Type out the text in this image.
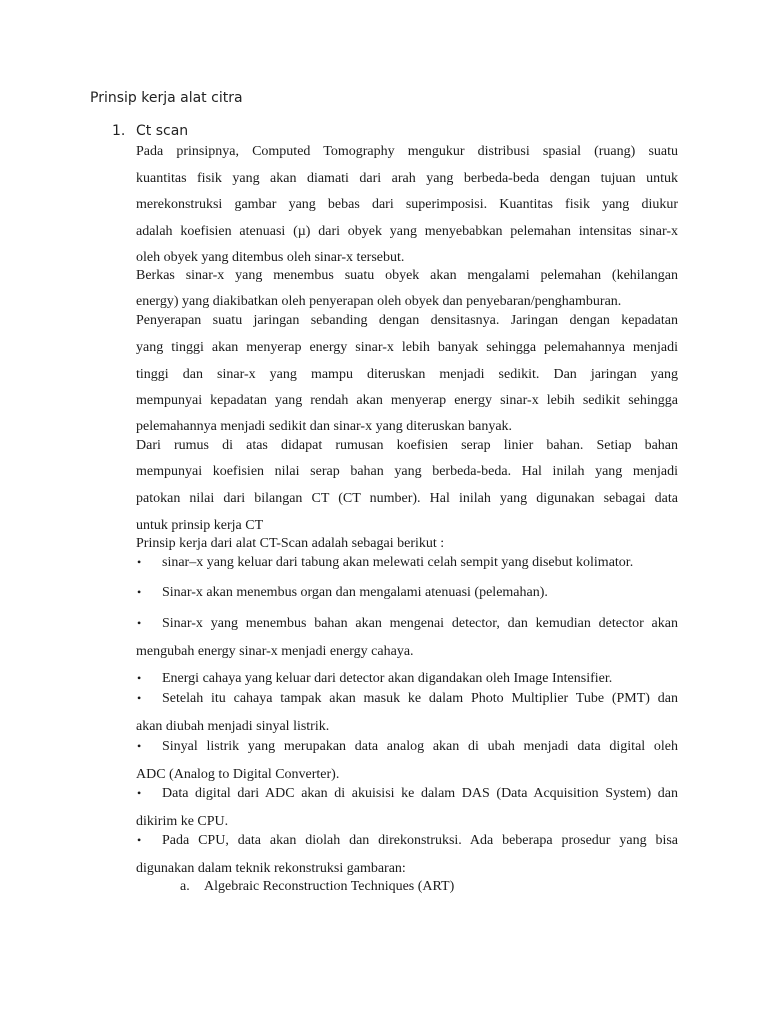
Prinsip kerja alat citra
1. Ct scan
Pada prinsipnya, Computed Tomography mengukur distribusi spasial (ruang) suatu
kuantitas fisik yang akan diamati dari arah yang berbeda-beda dengan tujuan untuk
merekonstruksi gambar yang bebas dari superimposisi. Kuantitas fisik yang diukur
adalah koefisien atenuasi (µ) dari obyek yang menyebabkan pelemahan intensitas sinar-x
oleh obyek yang ditembus oleh sinar-x tersebut.
Berkas sinar-x yang menembus suatu obyek akan mengalami pelemahan (kehilangan
energy) yang diakibatkan oleh penyerapan oleh obyek dan penyebaran/penghamburan.
Penyerapan suatu jaringan sebanding dengan densitasnya. Jaringan dengan kepadatan
yang tinggi akan menyerap energy sinar-x lebih banyak sehingga pelemahannya menjadi
tinggi dan sinar-x yang mampu diteruskan menjadi sedikit. Dan jaringan yang
mempunyai kepadatan yang rendah akan menyerap energy sinar-x lebih sedikit sehingga
pelemahannya menjadi sedikit dan sinar-x yang diteruskan banyak.
Dari rumus di atas didapat rumusan koefisien serap linier bahan. Setiap bahan
mempunyai koefisien nilai serap bahan yang berbeda-beda. Hal inilah yang menjadi
patokan nilai dari bilangan CT (CT number). Hal inilah yang digunakan sebagai data
untuk prinsip kerja CT
Prinsip kerja dari alat CT-Scan adalah sebagai berikut :
• sinar–x yang keluar dari tabung akan melewati celah sempit yang disebut kolimator.
• Sinar-x akan menembus organ dan mengalami atenuasi (pelemahan).
• Sinar-x yang menembus bahan akan mengenai detector, dan kemudian detector akan
mengubah energy sinar-x menjadi energy cahaya.
• Energi cahaya yang keluar dari detector akan digandakan oleh Image Intensifier.
• Setelah itu cahaya tampak akan masuk ke dalam Photo Multiplier Tube (PMT) dan
akan diubah menjadi sinyal listrik.
• Sinyal listrik yang merupakan data analog akan di ubah menjadi data digital oleh
ADC (Analog to Digital Converter).
• Data digital dari ADC akan di akuisisi ke dalam DAS (Data Acquisition System) dan
dikirim ke CPU.
• Pada CPU, data akan diolah dan direkonstruksi. Ada beberapa prosedur yang bisa
digunakan dalam teknik rekonstruksi gambaran:
a. Algebraic Reconstruction Techniques (ART)
